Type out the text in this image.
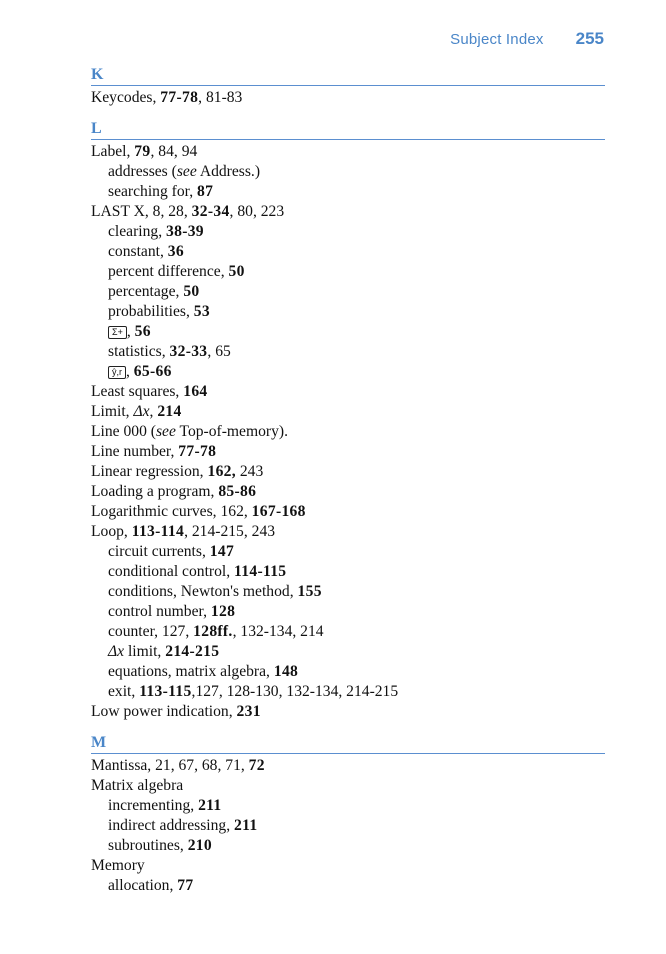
Subject Index 255
K
Keycodes, 77-78, 81-83
L
Label, 79, 84, 94
addresses (see Address.)
searching for, 87
LAST X, 8, 28, 32-34, 80, 223
clearing, 38-39
constant, 36
percent difference, 50
percentage, 50
probabilities, 53
Σ+ , 56
statistics, 32-33, 65
ŷ,r , 65-66
Least squares, 164
Limit, Δx, 214
Line 000 (see Top-of-memory).
Line number, 77-78
Linear regression, 162, 243
Loading a program, 85-86
Logarithmic curves, 162, 167-168
Loop, 113-114, 214-215, 243
circuit currents, 147
conditional control, 114-115
conditions, Newton's method, 155
control number, 128
counter, 127, 128ff., 132-134, 214
Δx limit, 214-215
equations, matrix algebra, 148
exit, 113-115,127, 128-130, 132-134, 214-215
Low power indication, 231
M
Mantissa, 21, 67, 68, 71, 72
Matrix algebra
incrementing, 211
indirect addressing, 211
subroutines, 210
Memory
allocation, 77
